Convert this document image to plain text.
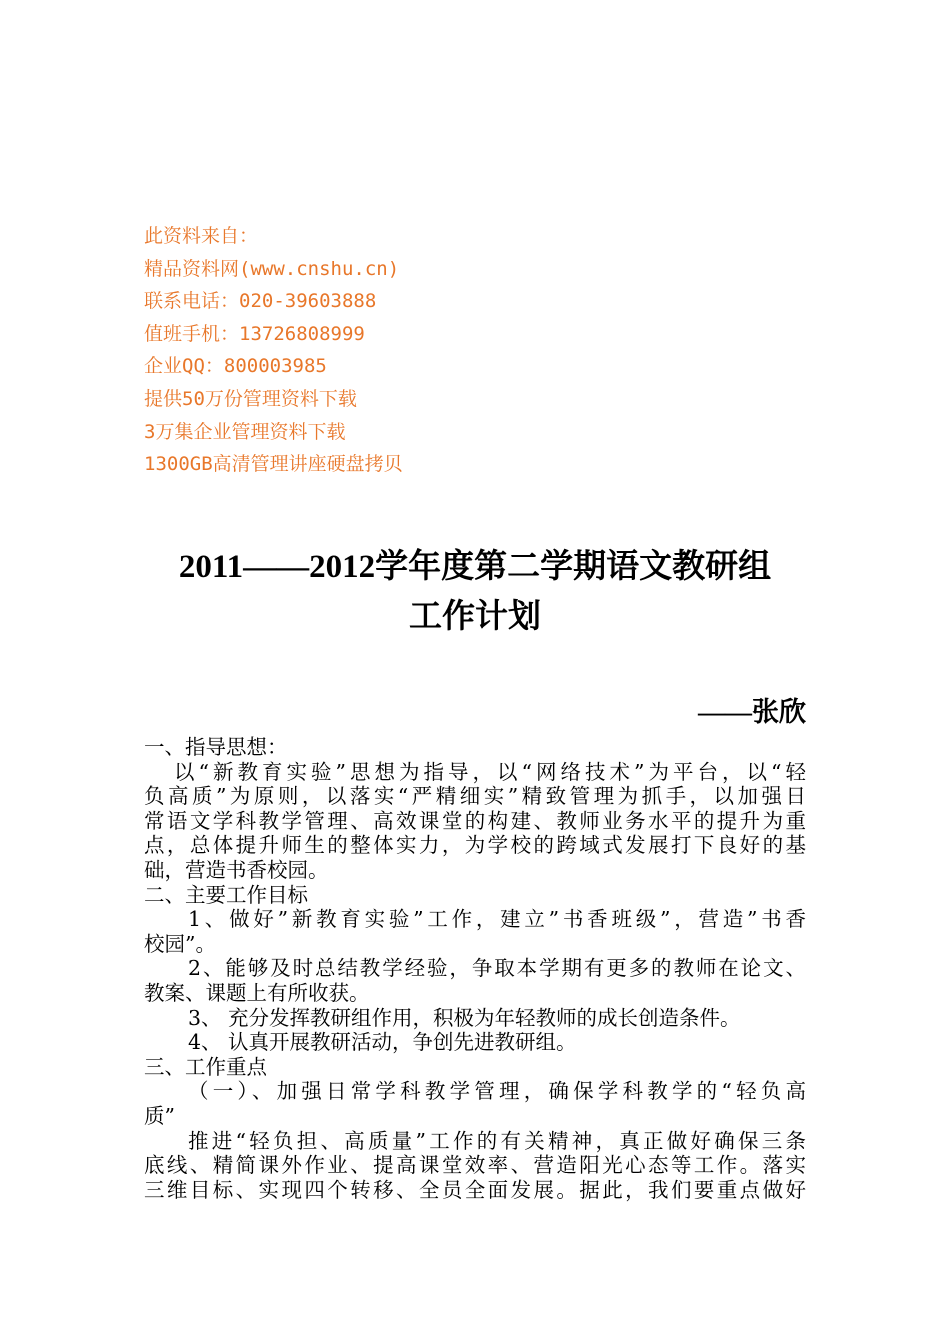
此资料来自：
精品资料网(www.cnshu.cn)
联系电话：020-39603888
值班手机：13726808999
企业QQ：800003985
提供50万份管理资料下载
3万集企业管理资料下载
1300GB高清管理讲座硬盘拷贝
2011——2012学年度第二学期语文教研组
工作计划
——张欣
一、指导思想：
以“新教育实验”思想为指导，以“网络技术”为平台，以“轻
负高质”为原则，以落实“严精细实”精致管理为抓手，以加强日
常语文学科教学管理、高效课堂的构建、教师业务水平的提升为重
点，总体提升师生的整体实力，为学校的跨域式发展打下良好的基
础，营造书香校园。
二、主要工作目标
1、做好”新教育实验”工作，建立”书香班级”，营造”书香
校园”。
2、能够及时总结教学经验，争取本学期有更多的教师在论文、
教案、课题上有所收获。
3、 充分发挥教研组作用，积极为年轻教师的成长创造条件。
4、 认真开展教研活动，争创先进教研组。
三、工作重点
（一）、加强日常学科教学管理，确保学科教学的“轻负高
质”
推进“轻负担、高质量”工作的有关精神，真正做好确保三条
底线、精简课外作业、提高课堂效率、营造阳光心态等工作。落实
三维目标、实现四个转移、全员全面发展。据此，我们要重点做好
